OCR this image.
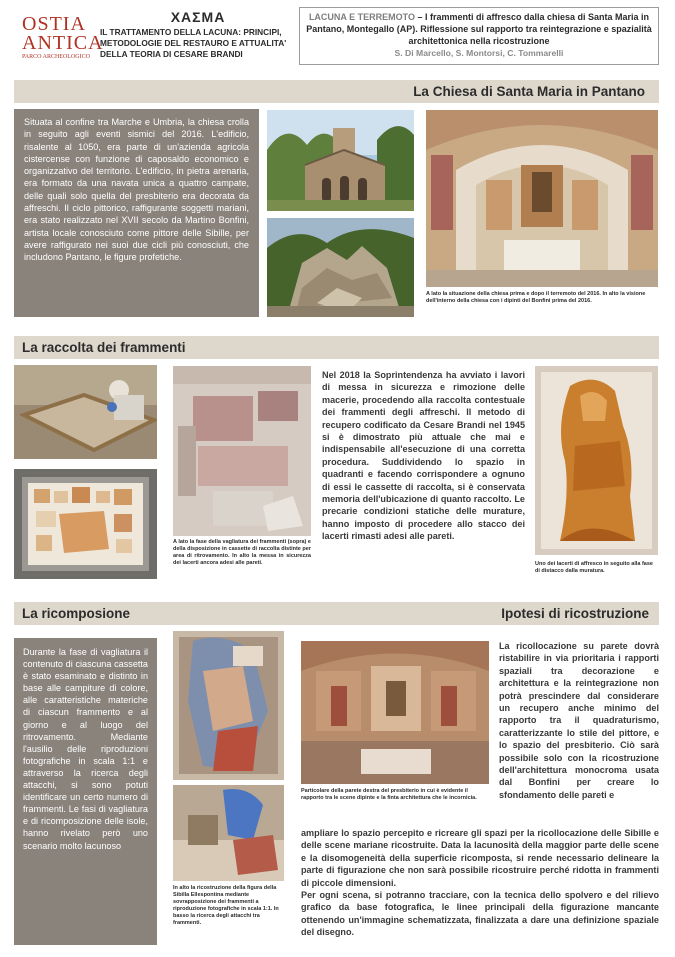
OSTIA
ANTICA
PARCO ARCHEOLOGICO
ΧΑΣΜΑ
IL TRATTAMENTO DELLA LACUNA: PRINCIPI, METODOLOGIE DEL RESTAURO E ATTUALITA' DELLA TEORIA DI CESARE BRANDI
LACUNA E TERREMOTO – I frammenti di affresco dalla chiesa di Santa Maria in Pantano, Montegallo (AP). Riflessione sul rapporto tra reintegrazione e spazialità architettonica nella ricostruzione
S. Di Marcello, S. Montorsi, C. Tommarelli
La Chiesa di Santa Maria in Pantano
Situata al confine tra Marche e Umbria, la chiesa crolla in seguito agli eventi sismici del 2016. L'edificio, risalente al 1050, era parte di un'azienda agricola cistercense con funzione di caposaldo economico e organizzativo del territorio. L'edificio, in pietra arenaria, era formato da una navata unica a quattro campate, delle quali solo quella del presbiterio era decorata da affreschi. Il ciclo pittorico, raffigurante soggetti mariani, era stato realizzato nel XVII secolo da Martino Bonfini, artista locale conosciuto come pittore delle Sibille, per avere raffigurato nei suoi due cicli più conosciuti, che includono Pantano, le figure profetiche.
A lato la situazione della chiesa prima e dopo il terremoto del 2016. In alto la visione dell'interno della chiesa con i dipinti del Bonfini prima del 2016.
La raccolta dei frammenti
A lato la fase della vagliatura dei frammenti (sopra) e della disposizione in cassette di raccolta distinte per area di ritrovamento. In alto la messa in sicurezza dei lacerti ancora adesi alle pareti.
Nel 2018 la Soprintendenza ha avviato i lavori di messa in sicurezza e rimozione delle macerie, procedendo alla raccolta contestuale dei frammenti degli affreschi. Il metodo di recupero codificato da Cesare Brandi nel 1945 si è dimostrato più attuale che mai e indispensabile all'esecuzione di una corretta procedura. Suddividendo lo spazio in quadranti e facendo corrispondere a ognuno di essi le cassette di raccolta, si è conservata memoria dell'ubicazione di quanto raccolto. Le precarie condizioni statiche delle murature, hanno imposto di procedere allo stacco dei lacerti rimasti adesi alle pareti.
Uno dei lacerti di affresco in seguito alla fase di distacco dalla muratura.
La ricomposione	Ipotesi di ricostruzione
Durante la fase di vagliatura il contenuto di ciascuna cassetta è stato esaminato e distinto in base alle campiture di colore, alle caratteristiche materiche di ciascun frammento e al giorno e al luogo del ritrovamento. Mediante l'ausilio delle riproduzioni fotografiche in scala 1:1 e attraverso la ricerca degli attacchi, si sono potuti identificare un certo numero di frammenti. Le fasi di vagliatura e di ricomposizione delle isole, hanno rivelato però uno scenario molto lacunoso
In alto la ricostruzione della figura della Sibilla Ellespontina mediante sovrapposizione dei frammenti a riproduzione fotografiche in scala 1:1. In basso la ricerca degli attacchi tra frammenti.
Particolare della parete destra del presbiterio in cui è evidente il rapporto tra le scene dipinte e la finta architettura che le incornicia.
La ricollocazione su parete dovrà ristabilire in via prioritaria i rapporti spaziali tra decorazione e architettura e la reintegrazione non potrà prescindere dal considerare un recupero anche minimo del rapporto tra il quadraturismo, caratterizzante lo stile del pittore, e lo spazio del presbiterio. Ciò sarà possibile solo con la ricostruzione dell'architettura monocroma usata dal Bonfini per creare lo sfondamento delle pareti e
ampliare lo spazio percepito e ricreare gli spazi per la ricollocazione delle Sibille e delle scene mariane ricostruite. Data la lacunosità della maggior parte delle scene e la disomogeneità della superficie ricomposta, si rende necessario delineare la parte di figurazione che non sarà possibile ricostruire perché ridotta in frammenti di piccole dimensioni.
Per ogni scena, si potranno tracciare, con la tecnica dello spolvero e del rilievo grafico da base fotografica, le linee principali della figurazione mancante ottenendo un'immagine schematizzata, finalizzata a dare una definizione spaziale del disegno.
